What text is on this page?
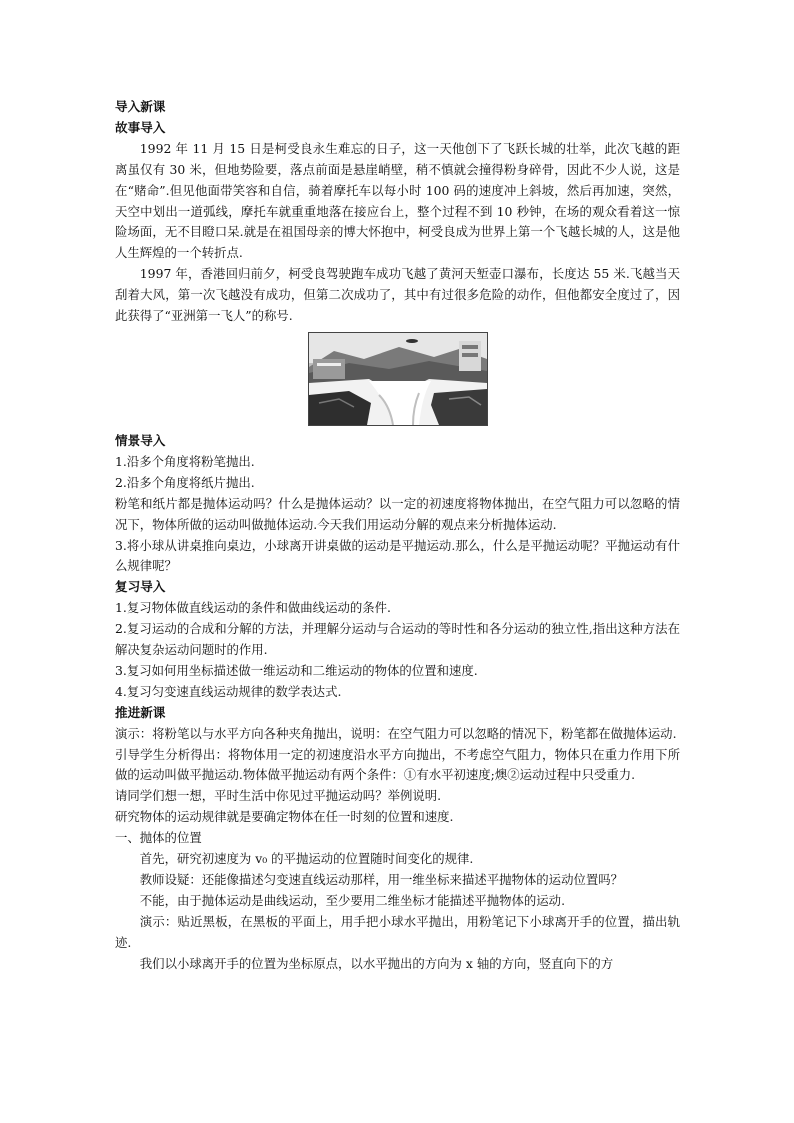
导入新课

故事导入

1992 年 11 月 15 日是柯受良永生难忘的日子，这一天他创下了飞跃长城的壮举，此次飞越的距离虽仅有 30 米，但地势险要，落点前面是悬崖峭壁，稍不慎就会撞得粉身碎骨，因此不少人说，这是在“赌命”.但见他面带笑容和自信，骑着摩托车以每小时 100 码的速度冲上斜坡，然后再加速，突然，天空中划出一道弧线，摩托车就重重地落在接应台上，整个过程不到 10 秒钟，在场的观众看着这一惊险场面，无不目瞪口呆.就是在祖国母亲的博大怀抱中，柯受良成为世界上第一个飞越长城的人，这是他人生辉煌的一个转折点.

1997 年，香港回归前夕，柯受良驾驶跑车成功飞越了黄河天堑壶口瀑布，长度达 55 米.飞越当天刮着大风，第一次飞越没有成功，但第二次成功了，其中有过很多危险的动作，但他都安全度过了，因此获得了“亚洲第一飞人”的称号.

情景导入

1.沿多个角度将粉笔抛出.

2.沿多个角度将纸片抛出.

粉笔和纸片都是抛体运动吗？什么是抛体运动？以一定的初速度将物体抛出，在空气阻力可以忽略的情况下，物体所做的运动叫做抛体运动.今天我们用运动分解的观点来分析抛体运动.

3.将小球从讲桌推向桌边，小球离开讲桌做的运动是平抛运动.那么，什么是平抛运动呢？平抛运动有什么规律呢？

复习导入

1.复习物体做直线运动的条件和做曲线运动的条件.

2.复习运动的合成和分解的方法，并理解分运动与合运动的等时性和各分运动的独立性,指出这种方法在解决复杂运动问题时的作用.

3.复习如何用坐标描述做一维运动和二维运动的物体的位置和速度.

4.复习匀变速直线运动规律的数学表达式.

推进新课

演示：将粉笔以与水平方向各种夹角抛出，说明：在空气阻力可以忽略的情况下，粉笔都在做抛体运动.

引导学生分析得出：将物体用一定的初速度沿水平方向抛出，不考虑空气阻力，物体只在重力作用下所做的运动叫做平抛运动.物体做平抛运动有两个条件：①有水平初速度;燠②运动过程中只受重力.

请同学们想一想，平时生活中你见过平抛运动吗？举例说明.

研究物体的运动规律就是要确定物体在任一时刻的位置和速度.

一、抛体的位置

首先，研究初速度为 v₀ 的平抛运动的位置随时间变化的规律.

教师设疑：还能像描述匀变速直线运动那样，用一维坐标来描述平抛物体的运动位置吗？

不能，由于抛体运动是曲线运动，至少要用二维坐标才能描述平抛物体的运动.

演示：贴近黑板，在黑板的平面上，用手把小球水平抛出，用粉笔记下小球离开手的位置，描出轨迹.

我们以小球离开手的位置为坐标原点，以水平抛出的方向为 x 轴的方向，竖直向下的方
